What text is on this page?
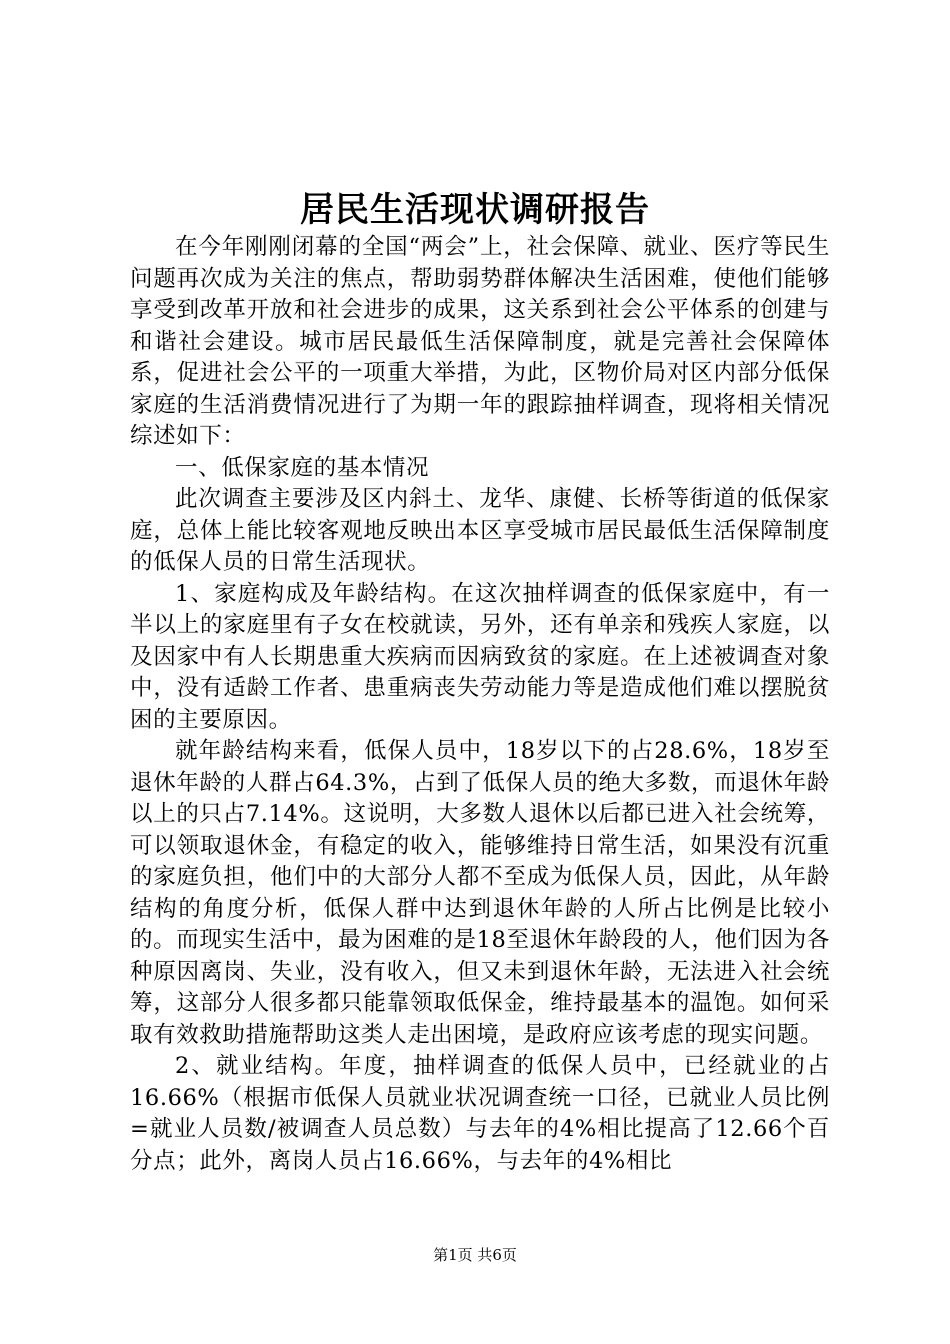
居民生活现状调研报告

在今年刚刚闭幕的全国“两会”上，社会保障、就业、医疗等民生问题再次成为关注的焦点，帮助弱势群体解决生活困难，使他们能够享受到改革开放和社会进步的成果，这关系到社会公平体系的创建与和谐社会建设。城市居民最低生活保障制度，就是完善社会保障体系，促进社会公平的一项重大举措，为此，区物价局对区内部分低保家庭的生活消费情况进行了为期一年的跟踪抽样调查，现将相关情况综述如下：

一、低保家庭的基本情况

此次调查主要涉及区内斜土、龙华、康健、长桥等街道的低保家庭，总体上能比较客观地反映出本区享受城市居民最低生活保障制度的低保人员的日常生活现状。

1、家庭构成及年龄结构。在这次抽样调查的低保家庭中，有一半以上的家庭里有子女在校就读，另外，还有单亲和残疾人家庭，以及因家中有人长期患重大疾病而因病致贫的家庭。在上述被调查对象中，没有适龄工作者、患重病丧失劳动能力等是造成他们难以摆脱贫困的主要原因。

就年龄结构来看，低保人员中，18岁以下的占28.6%，18岁至退休年龄的人群占64.3%，占到了低保人员的绝大多数，而退休年龄以上的只占7.14%。这说明，大多数人退休以后都已进入社会统筹，可以领取退休金，有稳定的收入，能够维持日常生活，如果没有沉重的家庭负担，他们中的大部分人都不至成为低保人员，因此，从年龄结构的角度分析，低保人群中达到退休年龄的人所占比例是比较小的。而现实生活中，最为困难的是18至退休年龄段的人，他们因为各种原因离岗、失业，没有收入，但又未到退休年龄，无法进入社会统筹，这部分人很多都只能靠领取低保金，维持最基本的温饱。如何采取有效救助措施帮助这类人走出困境，是政府应该考虑的现实问题。

2、就业结构。年度，抽样调查的低保人员中，已经就业的占16.66%（根据市低保人员就业状况调查统一口径，已就业人员比例=就业人员数/被调查人员总数）与去年的4%相比提高了12.66个百分点；此外，离岗人员占16.66%，与去年的4%相比

第1页 共6页
